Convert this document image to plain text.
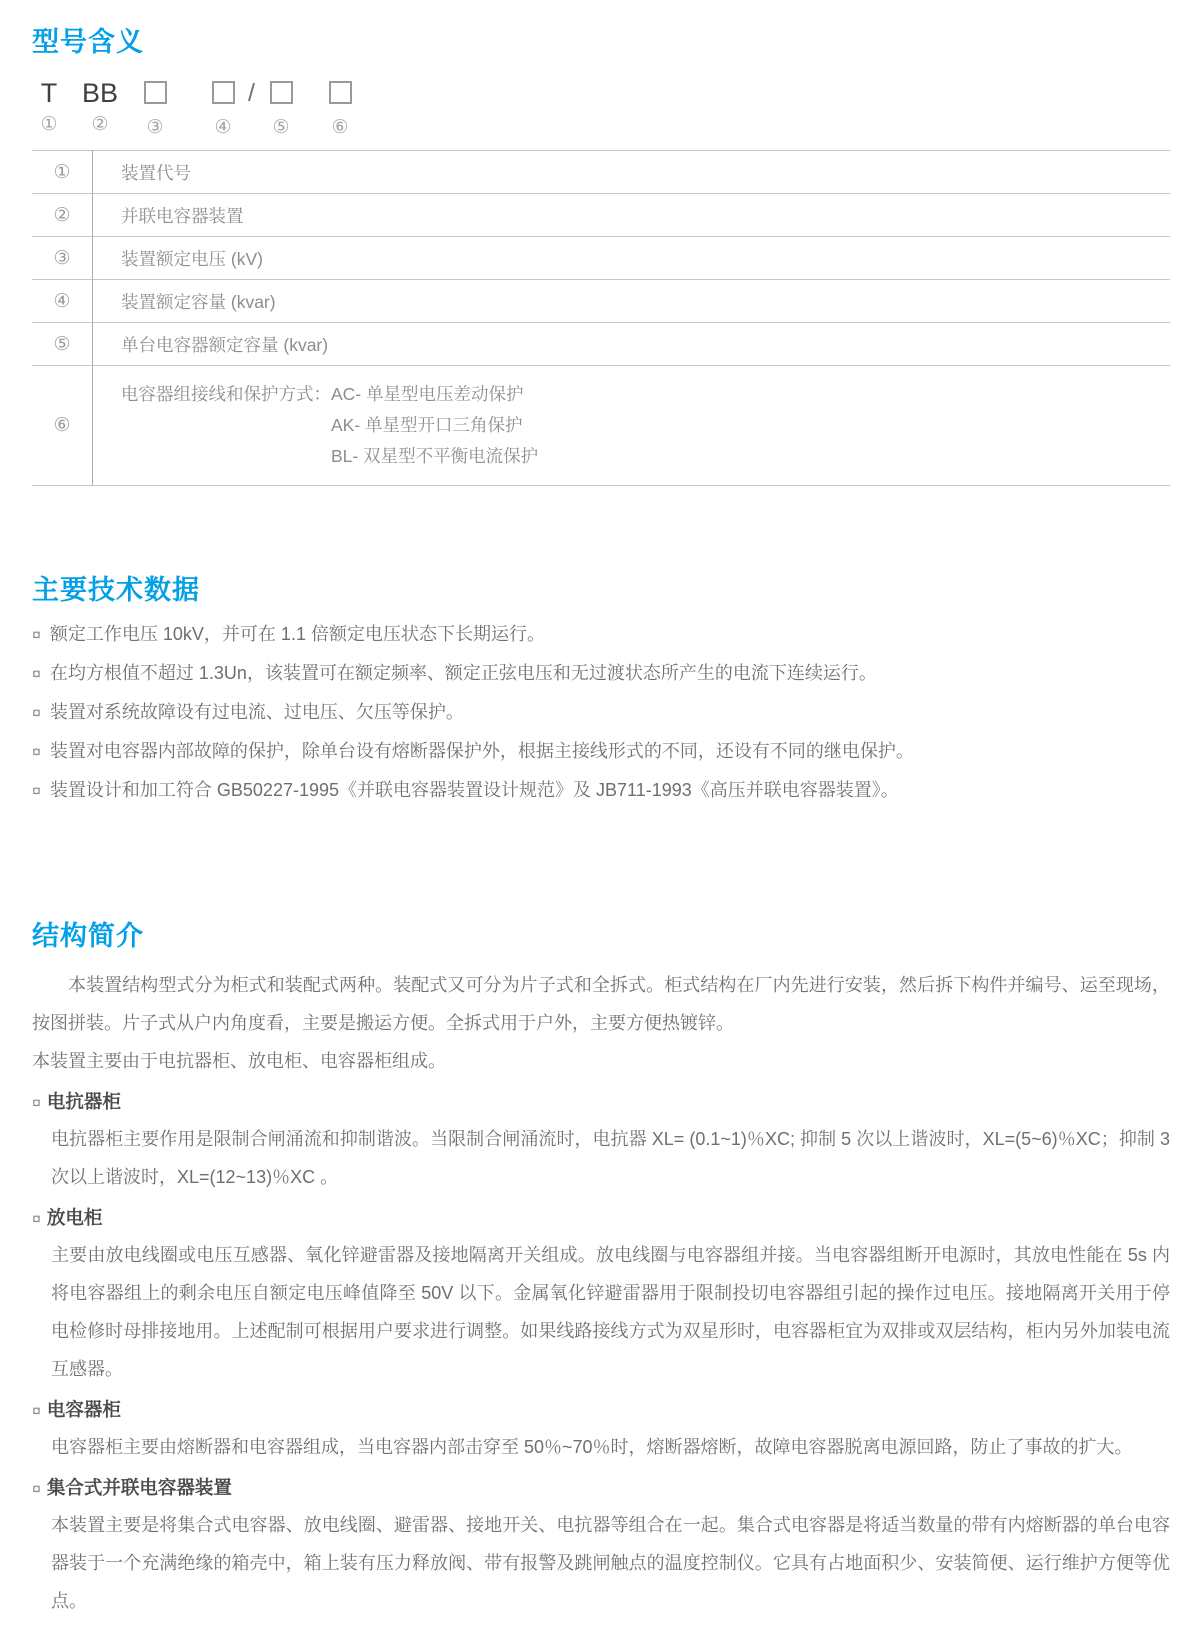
型号含义
T
①
BB
②	③	④
/
⑤	⑥
①	装置代号
②	并联电容器装置
③	装置额定电压 (kV)
④	装置额定容量 (kvar)
⑤	单台电容器额定容量 (kvar)
⑥	电容器组接线和保护方式： AC- 单星型电压差动保护
AK- 单星型开口三角保护
BL- 双星型不平衡电流保护
主要技术数据
¤ 额定工作电压 10kV，并可在 1.1 倍额定电压状态下长期运行。
¤ 在均方根值不超过 1.3Un，该装置可在额定频率、额定正弦电压和无过渡状态所产生的电流下连续运行。
¤ 装置对系统故障设有过电流、过电压、欠压等保护。
¤ 装置对电容器内部故障的保护，除单台设有熔断器保护外，根据主接线形式的不同，还设有不同的继电保护。
¤ 装置设计和加工符合 GB50227-1995《并联电容器装置设计规范》及 JB711-1993《高压并联电容器装置》。
结构简介

本装置结构型式分为柜式和装配式两种。装配式又可分为片子式和全拆式。柜式结构在厂内先进行安装，然后拆下构件并编号、运至现场，按图拼装。片子式从户内角度看，主要是搬运方便。全拆式用于户外，主要方便热镀锌。

本装置主要由于电抗器柜、放电柜、电容器柜组成。

¤ 电抗器柜

电抗器柜主要作用是限制合闸涌流和抑制谐波。当限制合闸涌流时，电抗器 XL= (0.1~1)％XC; 抑制 5 次以上谐波时，XL=(5~6)％XC；抑制 3 次以上谐波时，XL=(12~13)％XC 。

¤ 放电柜

主要由放电线圈或电压互感器、氧化锌避雷器及接地隔离开关组成。放电线圈与电容器组并接。当电容器组断开电源时，其放电性能在 5s 内将电容器组上的剩余电压自额定电压峰值降至 50V 以下。金属氧化锌避雷器用于限制投切电容器组引起的操作过电压。接地隔离开关用于停电检修时母排接地用。上述配制可根据用户要求进行调整。如果线路接线方式为双星形时，电容器柜宜为双排或双层结构，柜内另外加装电流互感器。

¤ 电容器柜

电容器柜主要由熔断器和电容器组成，当电容器内部击穿至 50％~70％时，熔断器熔断，故障电容器脱离电源回路，防止了事故的扩大。

¤ 集合式并联电容器装置

本装置主要是将集合式电容器、放电线圈、避雷器、接地开关、电抗器等组合在一起。集合式电容器是将适当数量的带有内熔断器的单台电容器装于一个充满绝缘的箱壳中，箱上装有压力释放阀、带有报警及跳闸触点的温度控制仪。它具有占地面积少、安装简便、运行维护方便等优点。
